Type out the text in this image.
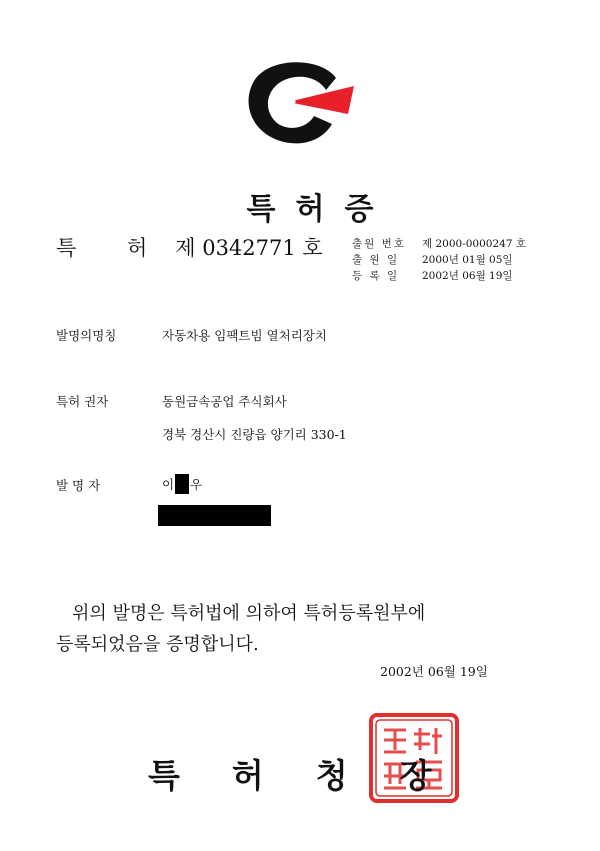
특허증
특 허 제 0342771 호	출원 번호	제 2000-0000247 호
출 원 일	2000년 01월 05일
등 록 일	2002년 06월 19일
발명의명칭	자동차용 임팩트빔 열처리장치
특허 권자	동원금속공업 주식회사
경북 경산시 진량읍 양기리 330-1
발 명 자	이 우
위의 발명은 특허법에 의하여 특허등록원부에
등록되었음을 증명합니다.
2002년 06월 19일
특허청장
